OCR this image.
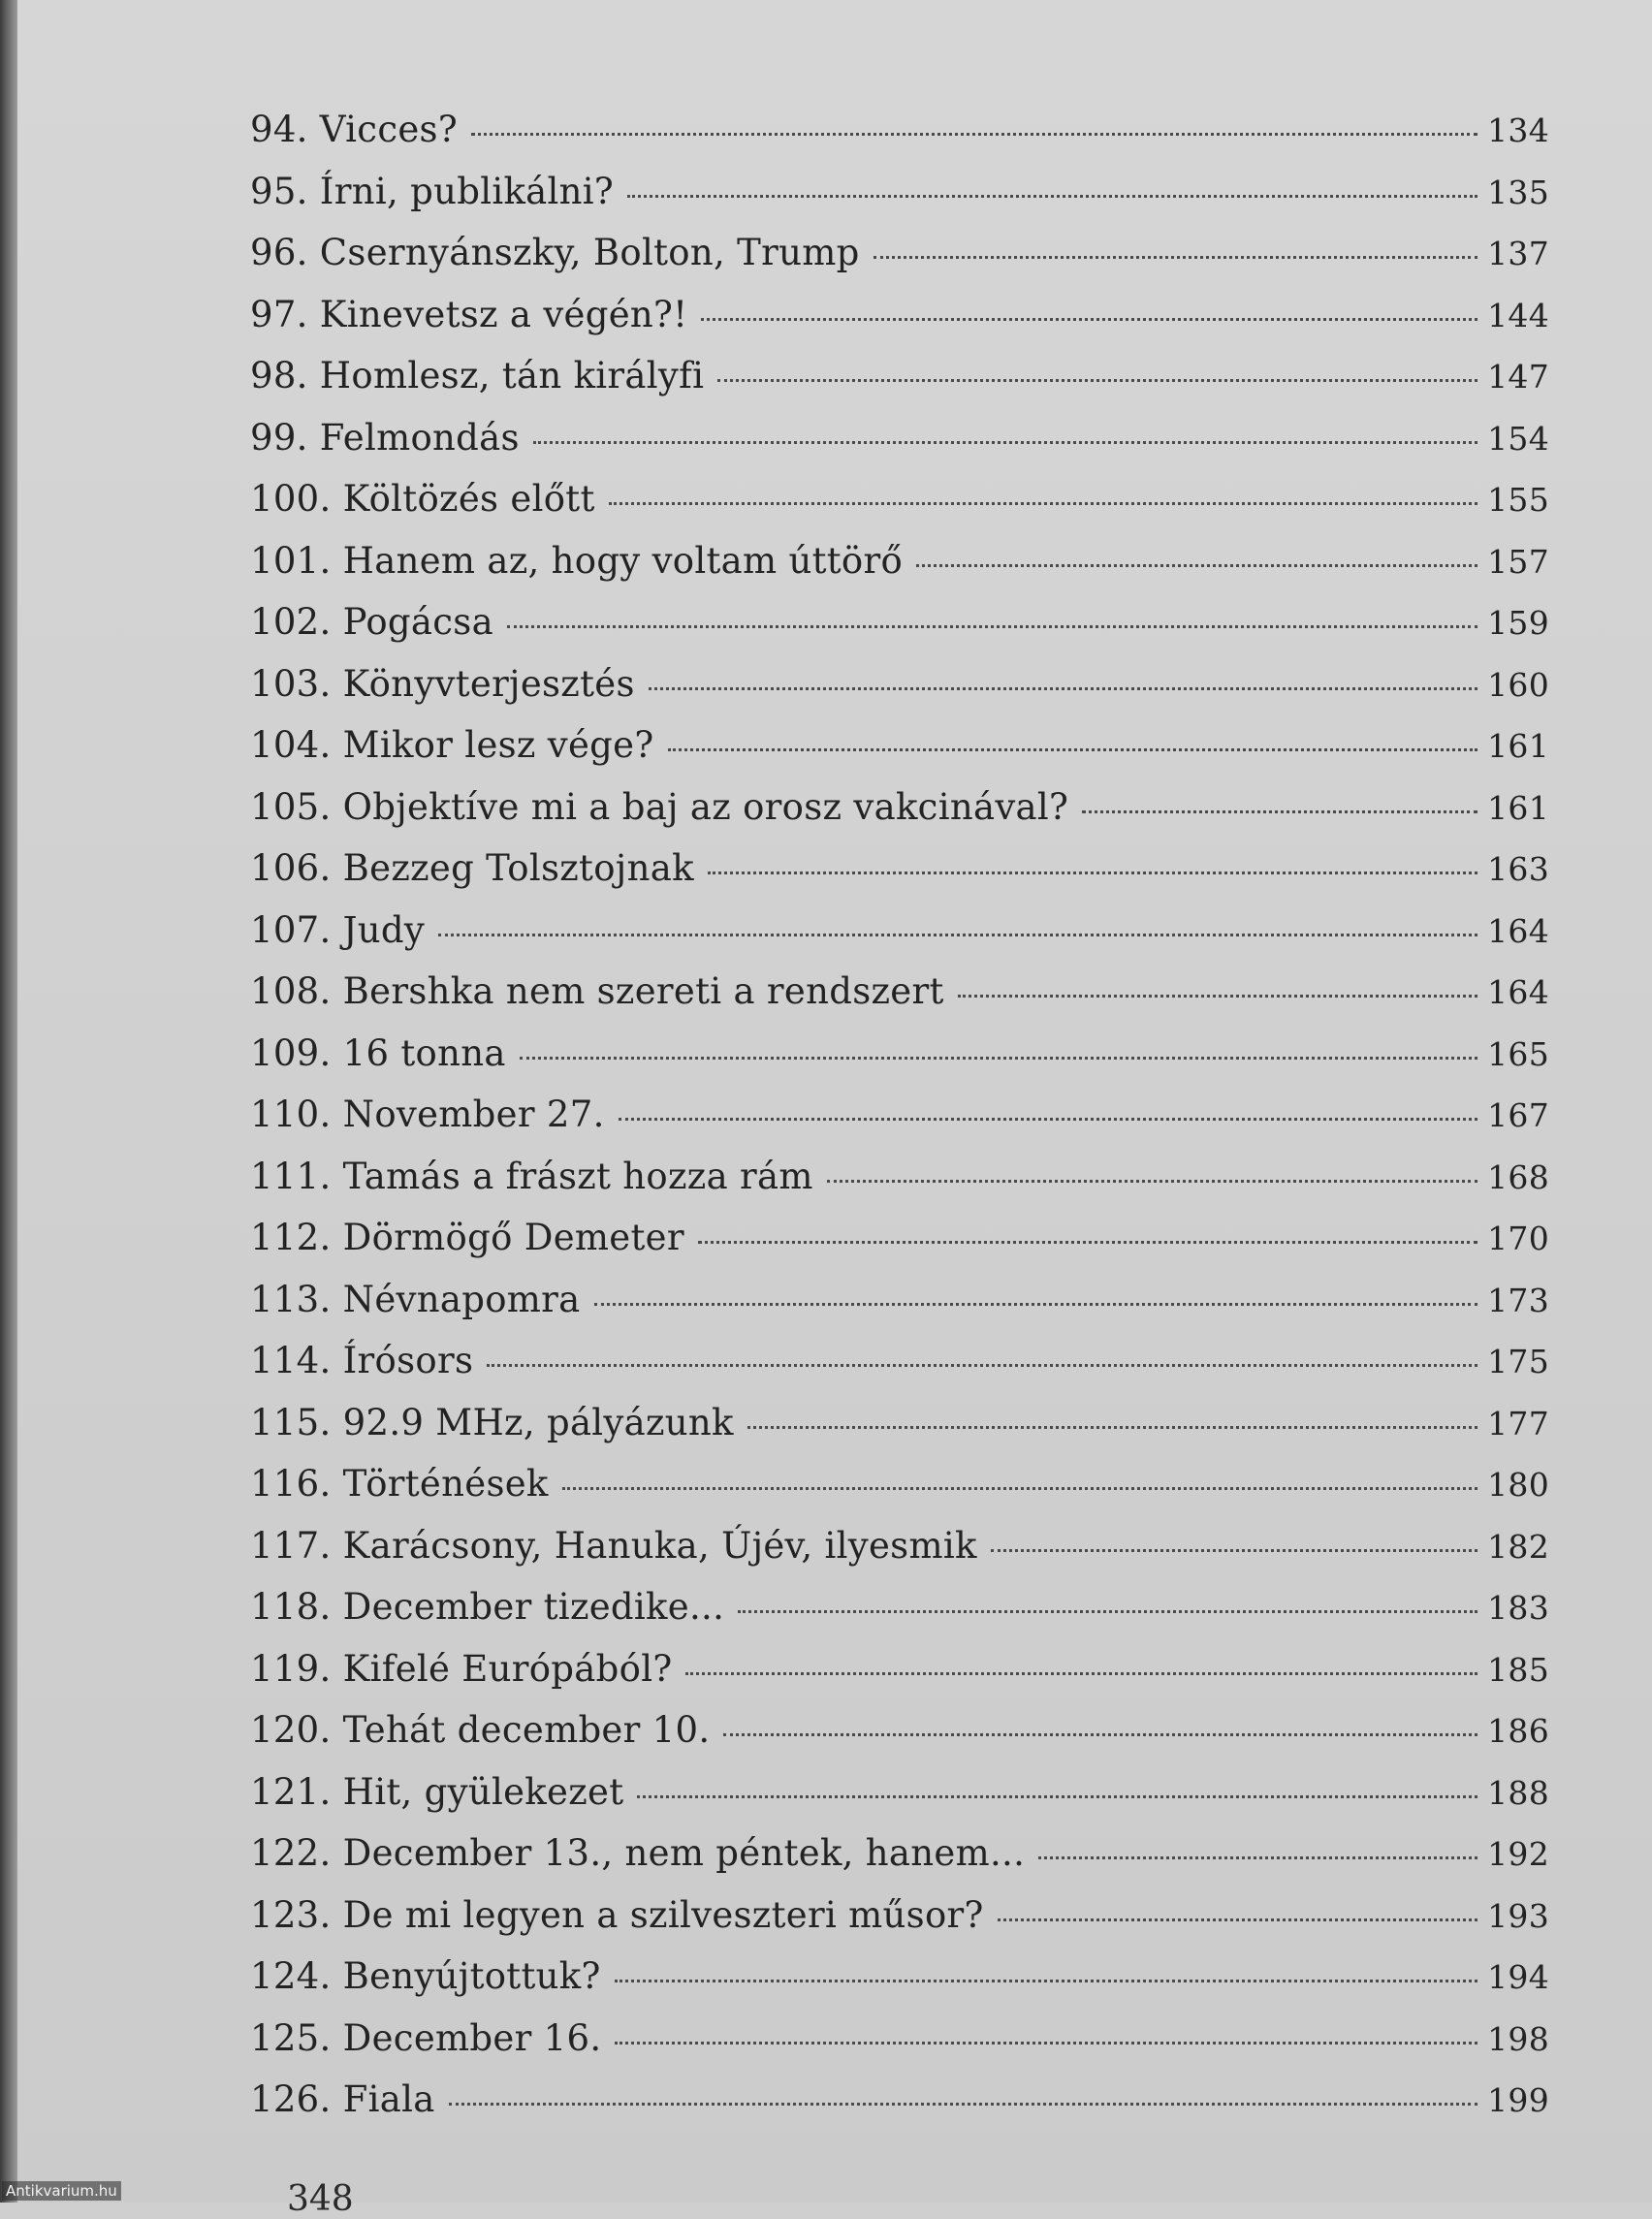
94. Vicces?	134
95. Írni, publikálni?	135
96. Csernyánszky, Bolton, Trump	137
97. Kinevetsz a végén?!	144
98. Homlesz, tán királyfi	147
99. Felmondás	154
100. Költözés előtt	155
101. Hanem az, hogy voltam úttörő	157
102. Pogácsa	159
103. Könyvterjesztés	160
104. Mikor lesz vége?	161
105. Objektíve mi a baj az orosz vakcinával?	161
106. Bezzeg Tolsztojnak	163
107. Judy	164
108. Bershka nem szereti a rendszert	164
109. 16 tonna	165
110. November 27.	167
111. Tamás a frászt hozza rám	168
112. Dörmögő Demeter	170
113. Névnapomra	173
114. Írósors	175
115. 92.9 MHz, pályázunk	177
116. Történések	180
117. Karácsony, Hanuka, Újév, ilyesmik	182
118. December tizedike...	183
119. Kifelé Európából?	185
120. Tehát december 10.	186
121. Hit, gyülekezet	188
122. December 13., nem péntek, hanem...	192
123. De mi legyen a szilveszteri műsor?	193
124. Benyújtottuk?	194
125. December 16.	198
126. Fiala	199
348
Antikvarium.hu
